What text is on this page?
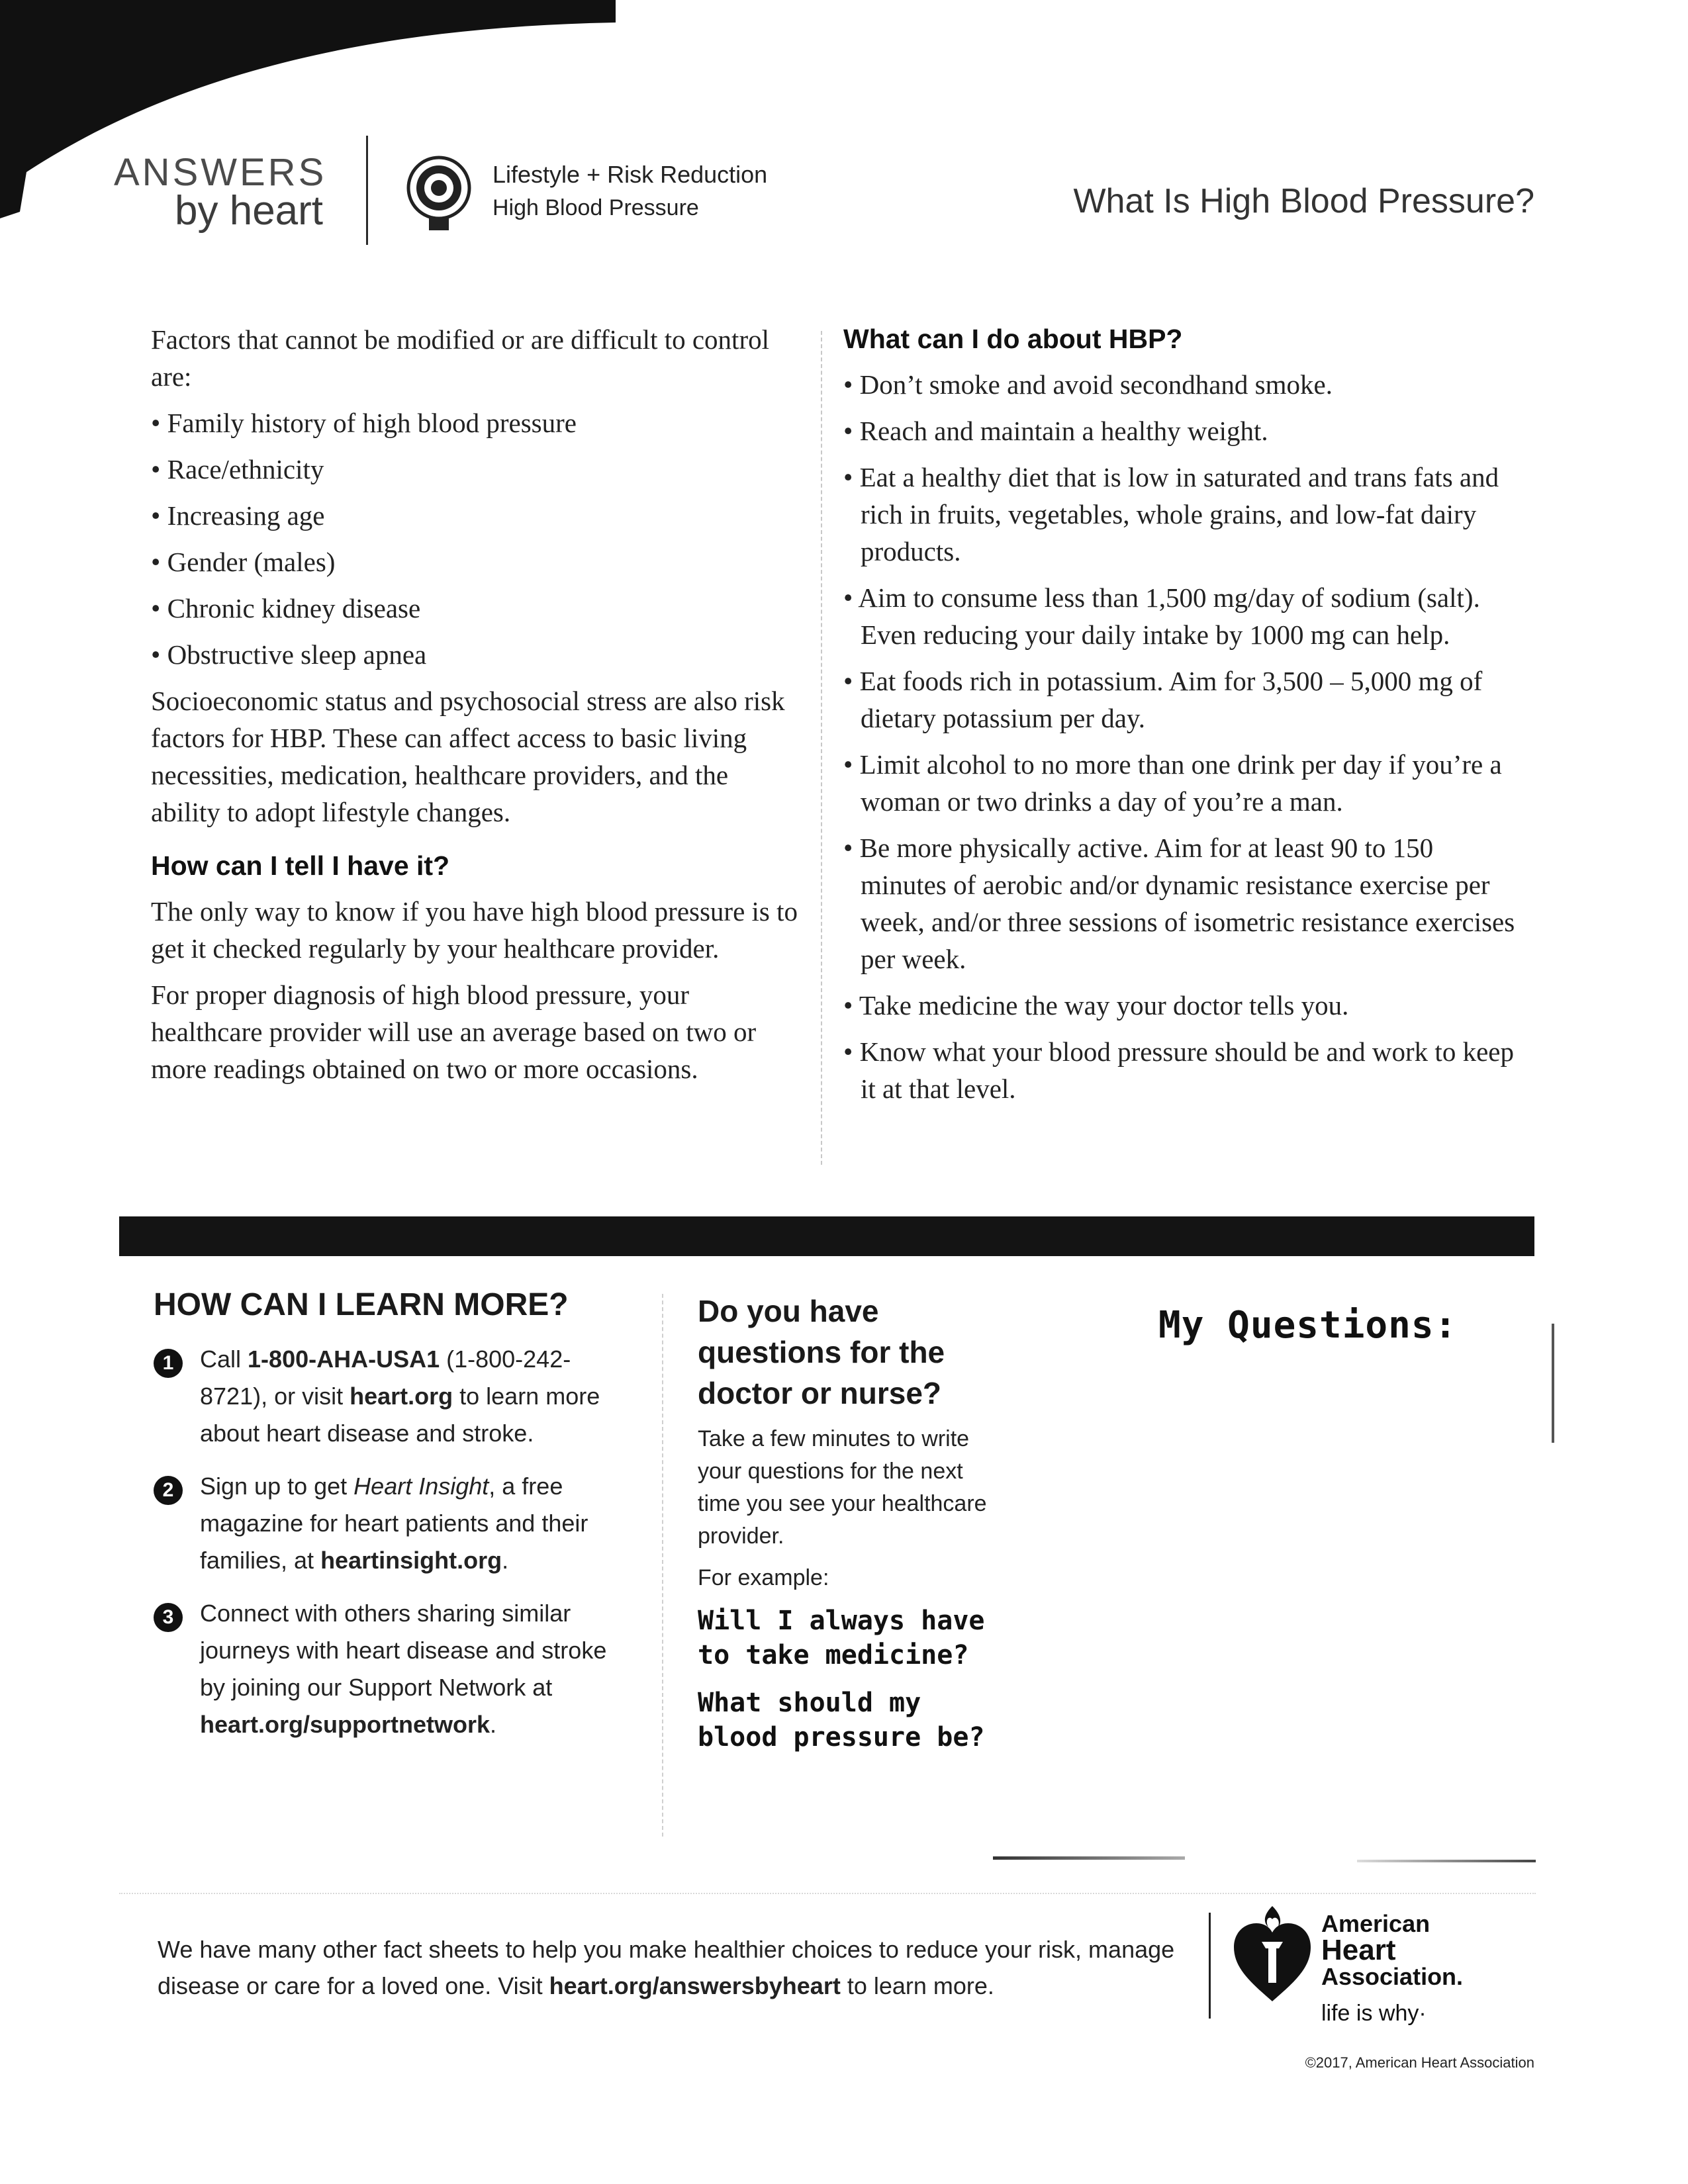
ANSWERS
by heart
Lifestyle + Risk Reduction
High Blood Pressure	What Is High Blood Pressure?

Factors that cannot be modified or are difficult to control are:

• Family history of high blood pressure
• Race/ethnicity
• Increasing age
• Gender (males)
• Chronic kidney disease
• Obstructive sleep apnea

Socioeconomic status and psychosocial stress are also risk factors for HBP. These can affect access to basic living necessities, medication, healthcare providers, and the ability to adopt lifestyle changes.

How can I tell I have it?

The only way to know if you have high blood pressure is to get it checked regularly by your healthcare provider.

For proper diagnosis of high blood pressure, your healthcare provider will use an average based on two or more readings obtained on two or more occasions.

What can I do about HBP?
• Don’t smoke and avoid secondhand smoke.
• Reach and maintain a healthy weight.
• Eat a healthy diet that is low in saturated and trans fats and rich in fruits, vegetables, whole grains, and low-fat dairy products.
• Aim to consume less than 1,500 mg/day of sodium (salt). Even reducing your daily intake by 1000 mg can help.
• Eat foods rich in potassium. Aim for 3,500 – 5,000 mg of dietary potassium per day.
• Limit alcohol to no more than one drink per day if you’re a woman or two drinks a day of you’re a man.
• Be more physically active. Aim for at least 90 to 150 minutes of aerobic and/or dynamic resistance exercise per week, and/or three sessions of isometric resistance exercises per week.
• Take medicine the way your doctor tells you.
• Know what your blood pressure should be and work to keep it at that level.
HOW CAN I LEARN MORE?
1	Call 1-800-AHA-USA1 (1-800-242-8721), or visit heart.org to learn more about heart disease and stroke.
2	Sign up to get Heart Insight, a free magazine for heart patients and their families, at heartinsight.org.
3	Connect with others sharing similar journeys with heart disease and stroke by joining our Support Network at heart.org/supportnetwork.
Do you have questions for the doctor or nurse?
Take a few minutes to write your questions for the next time you see your healthcare provider.
For example:
Will I always have to take medicine?
What should my blood pressure be?
My Questions:
We have many other fact sheets to help you make healthier choices to reduce your risk, manage disease or care for a loved one. Visit heart.org/answersbyheart to learn more.
American
Heart
Association.
life is why·
©2017, American Heart Association
